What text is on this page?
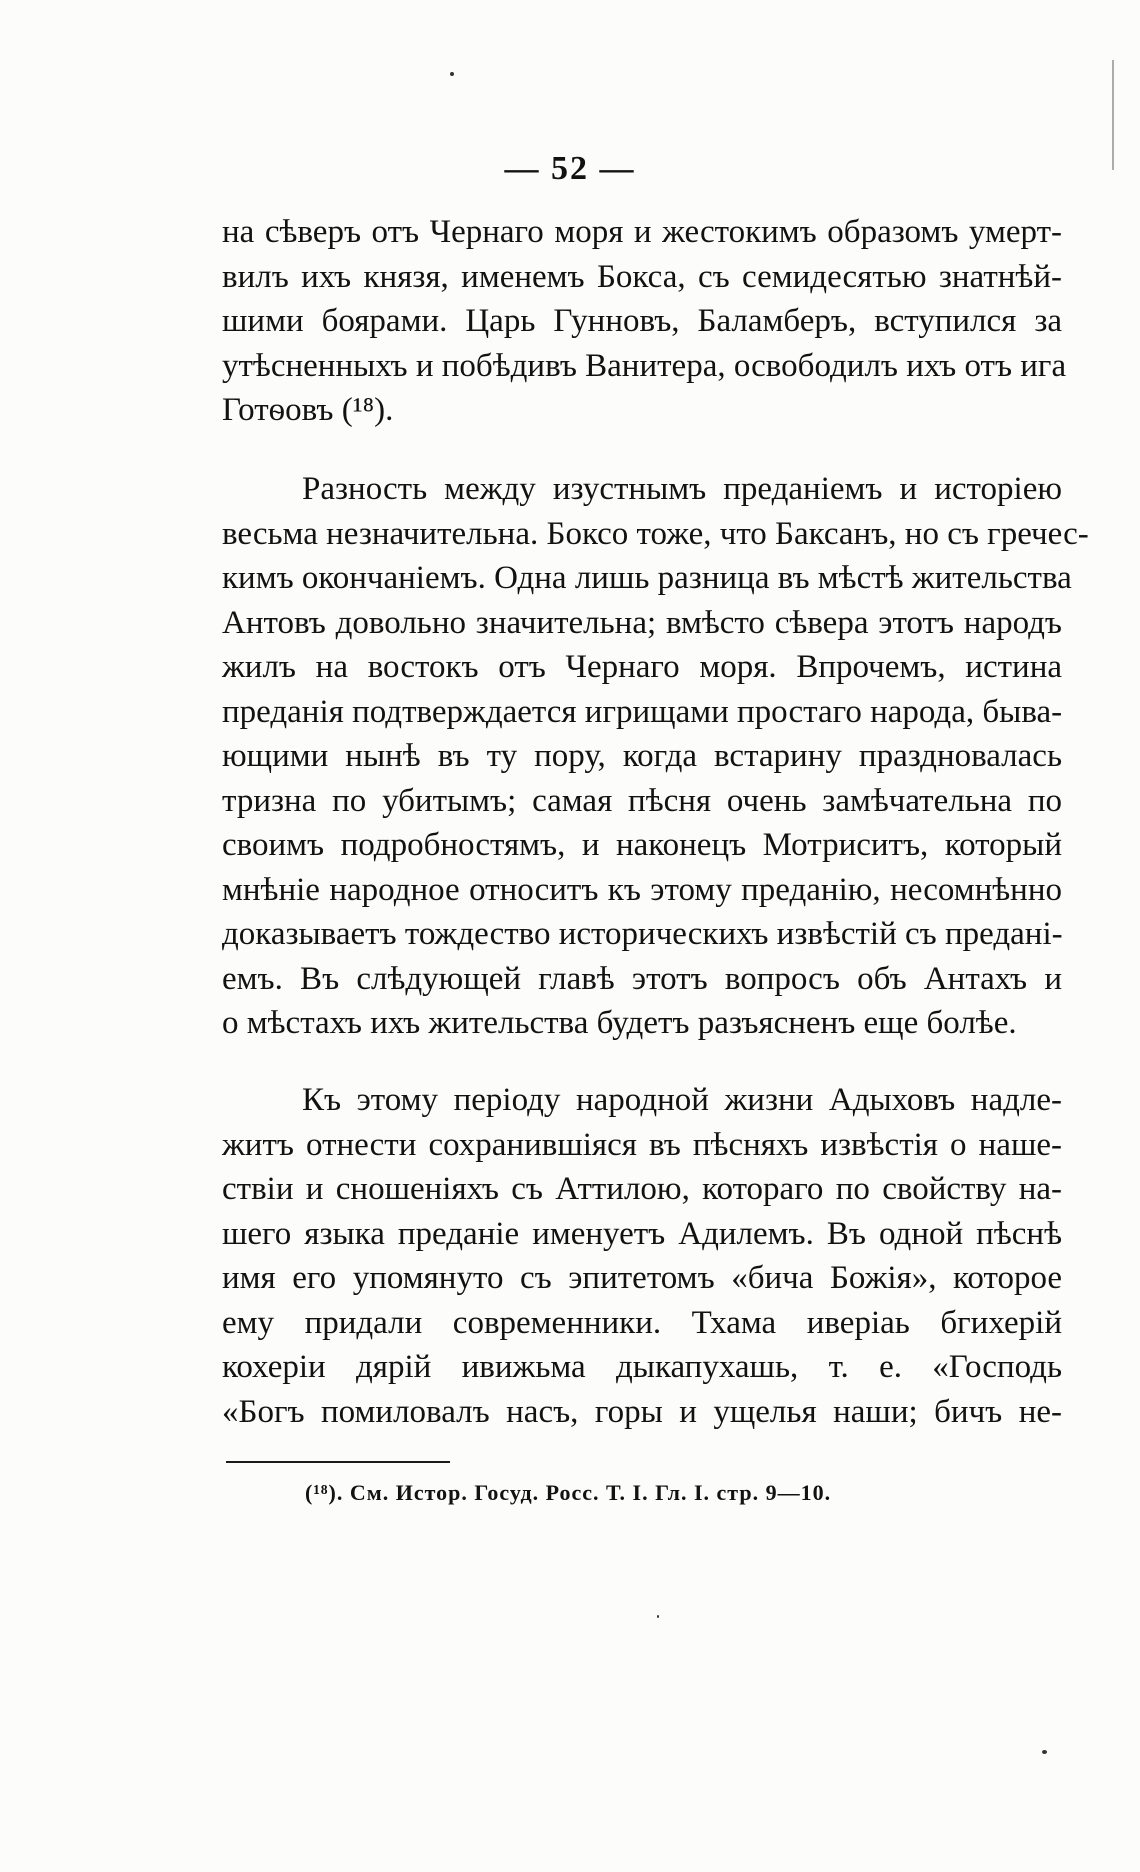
— 52 —
на сѣверъ отъ Чернаго моря и жестокимъ образомъ умерт-
вилъ ихъ князя, именемъ Бокса, съ семидесятью знатнѣй-
шими боярами. Царь Гунновъ, Баламберъ, вступился за
утѣсненныхъ и побѣдивъ Ванитера, освободилъ ихъ отъ ига
Готѳовъ (¹⁸).
Разность между изустнымъ преданіемъ и исторіею
весьма незначительна. Боксо тоже, что Баксанъ, но съ гречес-
кимъ окончаніемъ. Одна лишь разница въ мѣстѣ жительства
Антовъ довольно значительна; вмѣсто сѣвера этотъ народъ
жилъ на востокъ отъ Чернаго моря. Впрочемъ, истина
преданія подтверждается игрищами простаго народа, быва-
ющими нынѣ въ ту пору, когда встарину праздновалась
тризна по убитымъ; самая пѣсня очень замѣчательна по
своимъ подробностямъ, и наконецъ Мотриситъ, который
мнѣніе народное относитъ къ этому преданію, несомнѣнно
доказываетъ тождество историческихъ извѣстій съ предані-
емъ. Въ слѣдующей главѣ этотъ вопросъ объ Антахъ и
о мѣстахъ ихъ жительства будетъ разъясненъ еще болѣе.
Къ этому періоду народной жизни Адыховъ надле-
житъ отнести сохранившіяся въ пѣсняхъ извѣстія о наше-
ствіи и сношеніяхъ съ Аттилою, котораго по свойству на-
шего языка преданіе именуетъ Адилемъ. Въ одной пѣснѣ
имя его упомянуто съ эпитетомъ «бича Божія», которое
ему придали современники. Тхама иверіаь бгихерій
кохеріи дярій ивижьма дыкапухашь, т. е. «Господь
«Богъ помиловалъ насъ, горы и ущелья наши; бичъ не-
(¹⁸). См. Истор. Госуд. Росс. Т. I. Гл. I. стр. 9—10.
